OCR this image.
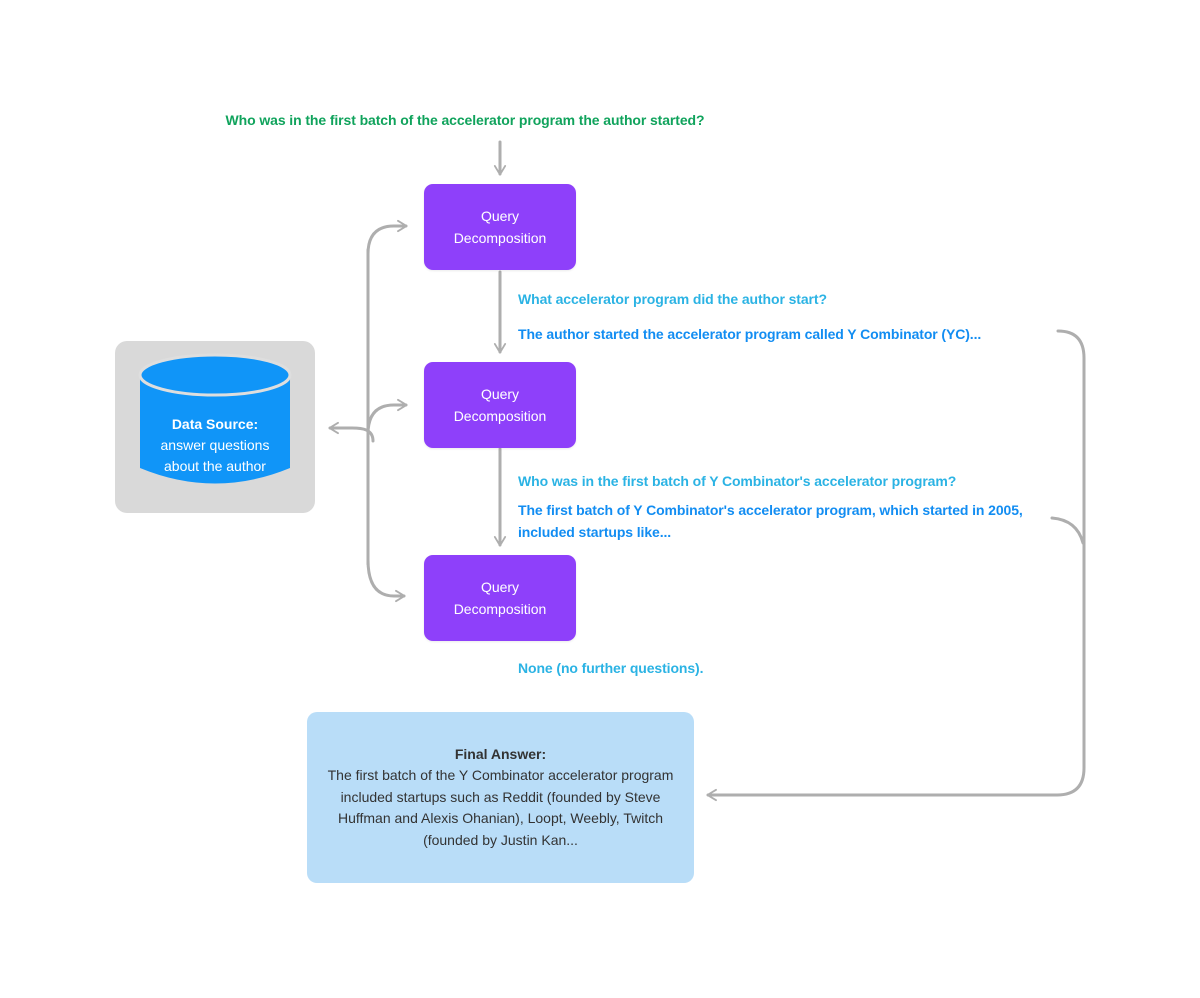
Who was in the first batch of the accelerator program the author started?
Query Decomposition
Query Decomposition
Query Decomposition
Data Source:
answer questions
about the author
What accelerator program did the author start?
The author started the accelerator program called Y Combinator (YC)...
Who was in the first batch of Y Combinator's accelerator program?
The first batch of Y Combinator's accelerator program, which started in 2005, included startups like...
None (no further questions).
Final Answer:
The first batch of the Y Combinator accelerator program included startups such as Reddit (founded by Steve Huffman and Alexis Ohanian), Loopt, Weebly, Twitch (founded by Justin Kan...
